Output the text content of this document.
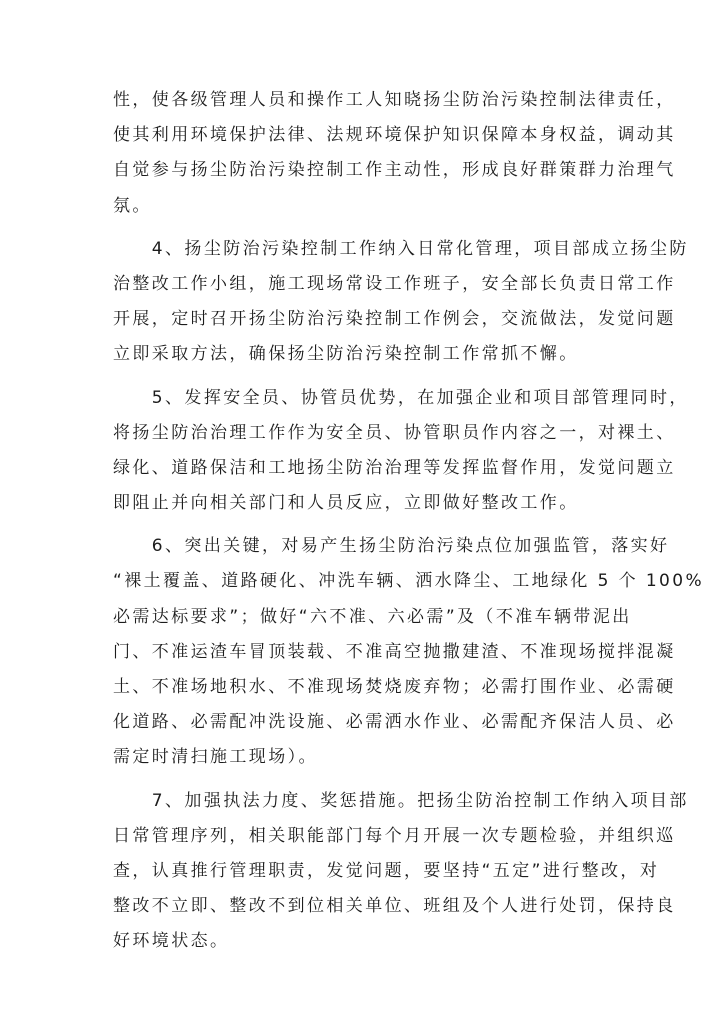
性，使各级管理人员和操作工人知晓扬尘防治污染控制法律责任，
使其利用环境保护法律、法规环境保护知识保障本身权益，调动其
自觉参与扬尘防治污染控制工作主动性，形成良好群策群力治理气
氛。
　　4、扬尘防治污染控制工作纳入日常化管理，项目部成立扬尘防
治整改工作小组，施工现场常设工作班子，安全部长负责日常工作
开展，定时召开扬尘防治污染控制工作例会，交流做法，发觉问题
立即采取方法，确保扬尘防治污染控制工作常抓不懈。
　　5、发挥安全员、协管员优势，在加强企业和项目部管理同时，
将扬尘防治治理工作作为安全员、协管职员作内容之一，对裸土、
绿化、道路保洁和工地扬尘防治治理等发挥监督作用，发觉问题立
即阻止并向相关部门和人员反应，立即做好整改工作。
　　6、突出关键，对易产生扬尘防治污染点位加强监管，落实好
“裸土覆盖、道路硬化、冲洗车辆、洒水降尘、工地绿化 5 个 100%
必需达标要求”；做好“六不准、六必需”及（不准车辆带泥出
门、不准运渣车冒顶装载、不准高空抛撒建渣、不准现场搅拌混凝
土、不准场地积水、不准现场焚烧废弃物；必需打围作业、必需硬
化道路、必需配冲洗设施、必需洒水作业、必需配齐保洁人员、必
需定时清扫施工现场）。
　　7、加强执法力度、奖惩措施。把扬尘防治控制工作纳入项目部
日常管理序列，相关职能部门每个月开展一次专题检验，并组织巡
查，认真推行管理职责，发觉问题，要坚持“五定”进行整改，对
整改不立即、整改不到位相关单位、班组及个人进行处罚，保持良
好环境状态。
